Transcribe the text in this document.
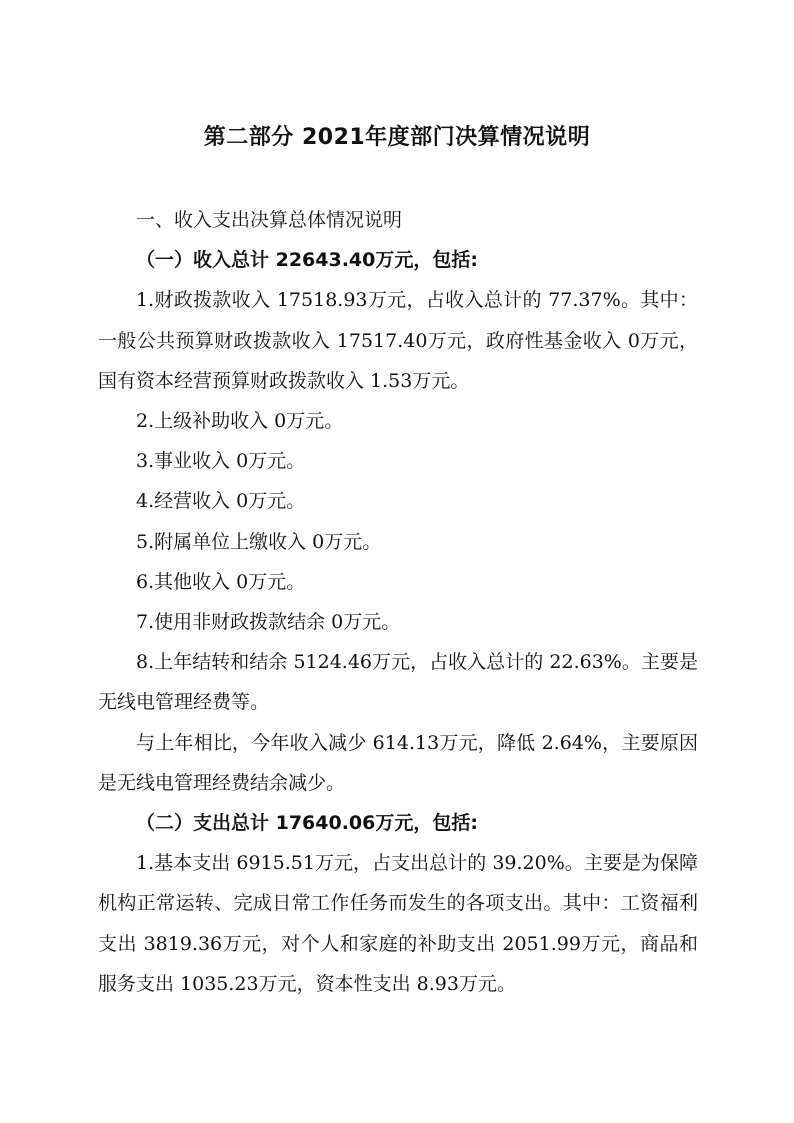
第二部分 2021年度部门决算情况说明

一、收入支出决算总体情况说明

（一）收入总计 22643.40万元，包括:

1.财政拨款收入 17518.93万元，占收入总计的 77.37%。其中：一般公共预算财政拨款收入 17517.40万元，政府性基金收入 0万元，国有资本经营预算财政拨款收入 1.53万元。

2.上级补助收入 0万元。

3.事业收入 0万元。

4.经营收入 0万元。

5.附属单位上缴收入 0万元。

6.其他收入 0万元。

7.使用非财政拨款结余 0万元。

8.上年结转和结余 5124.46万元，占收入总计的 22.63%。主要是无线电管理经费等。

与上年相比，今年收入减少 614.13万元，降低 2.64%，主要原因是无线电管理经费结余减少。

（二）支出总计 17640.06万元，包括:

1.基本支出 6915.51万元，占支出总计的 39.20%。主要是为保障机构正常运转、完成日常工作任务而发生的各项支出。其中：工资福利支出 3819.36万元，对个人和家庭的补助支出 2051.99万元，商品和服务支出 1035.23万元，资本性支出 8.93万元。
